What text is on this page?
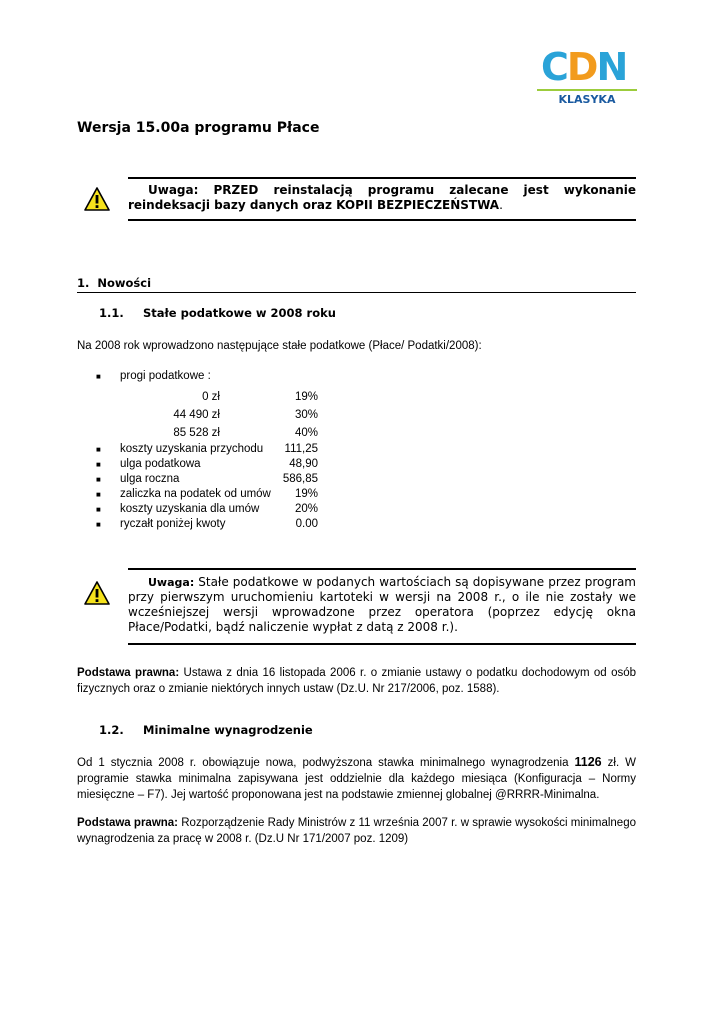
CDN
KLASYKA
Wersja 15.00a programu Płace
Uwaga: PRZED reinstalacją programu zalecane jest wykonanie reindeksacji bazy danych oraz KOPII BEZPIECZEŃSTWA.
1.  Nowości
1.1. Stałe podatkowe w 2008 roku
Na 2008 rok wprowadzono następujące stałe podatkowe (Płace/ Podatki/2008):
■ progi podatkowe :
0 zł	19%
44 490 zł	30%
85 528 zł	40%
■ koszty uzyskania przychodu	111,25
■ ulga podatkowa	48,90
■ ulga roczna	586,85
■ zaliczka na podatek od umów	19%
■ koszty uzyskania dla umów	20%
■ ryczałt poniżej kwoty	0.00
Uwaga: Stałe podatkowe w podanych wartościach są dopisywane przez program przy pierwszym uruchomieniu kartoteki w wersji na 2008 r., o ile nie zostały we wcześniejszej wersji wprowadzone przez operatora (poprzez edycję okna Płace/Podatki, bądź naliczenie wypłat z datą z 2008 r.).
Podstawa prawna: Ustawa z dnia 16 listopada 2006 r. o zmianie ustawy o podatku dochodowym od osób fizycznych oraz o zmianie niektórych innych ustaw (Dz.U. Nr 217/2006, poz. 1588).
1.2. Minimalne wynagrodzenie
Od 1 stycznia 2008 r. obowiązuje nowa, podwyższona stawka minimalnego wynagrodzenia 1126 zł. W programie stawka minimalna zapisywana jest oddzielnie dla każdego miesiąca (Konfiguracja – Normy miesięczne – F7). Jej wartość proponowana jest na podstawie zmiennej globalnej @RRRR-Minimalna.
Podstawa prawna: Rozporządzenie Rady Ministrów z 11 września 2007 r. w sprawie wysokości minimalnego wynagrodzenia za pracę w 2008 r. (Dz.U Nr 171/2007 poz. 1209)
